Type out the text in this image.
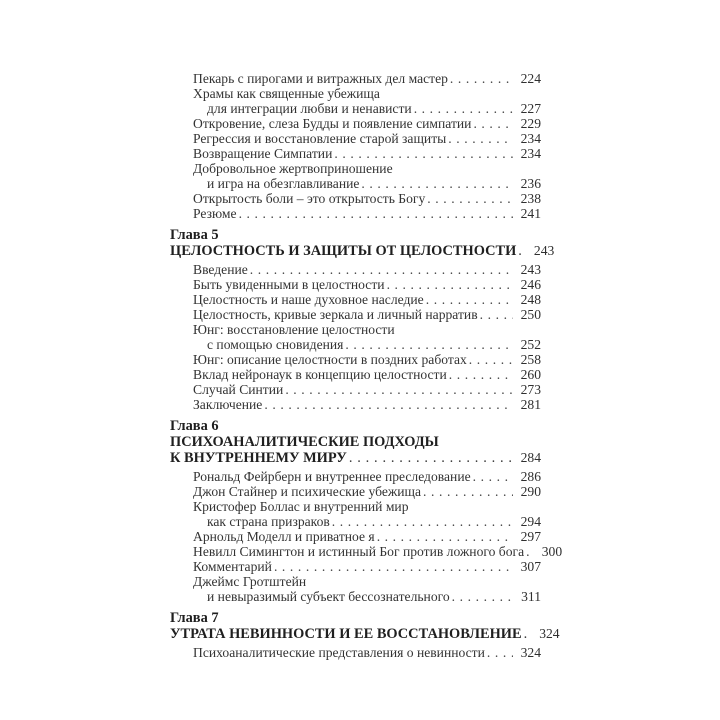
Пекарь с пирогами и витражных дел мастер . . .	224
Храмы как священные убежища
для интеграции любви и ненависти . . .	227
Откровение, слеза Будды и появление симпатии . . .	229
Регрессия и восстановление старой защиты . . .	234
Возвращение Симпатии . . .	234
Добровольное жертвоприношение
и игра на обезглавливание . . .	236
Открытость боли – это открытость Богу . . .	238
Резюме . . .	241
Глава 5
ЦЕЛОСТНОСТЬ И ЗАЩИТЫ ОТ ЦЕЛОСТНОСТИ . . .	243
Введение . . .	243
Быть увиденными в целостности . . .	246
Целостность и наше духовное наследие . . .	248
Целостность, кривые зеркала и личный нарратив . . .	250
Юнг: восстановление целостности
с помощью сновидения . . .	252
Юнг: описание целостности в поздних работах . . .	258
Вклад нейронаук в концепцию целостности . . .	260
Случай Синтии . . .	273
Заключение . . .	281
Глава 6
ПСИХОАНАЛИТИЧЕСКИЕ ПОДХОДЫ
К ВНУТРЕННЕМУ МИРУ . . .	284
Рональд Фейрберн и внутреннее преследование . . .	286
Джон Стайнер и психические убежища . . .	290
Кристофер Боллас и внутренний мир
как страна призраков . . .	294
Арнольд Моделл и приватное я . . .	297
Невилл Симингтон и истинный Бог против ложного бога . . .	300
Комментарий . . .	307
Джеймс Гротштейн
и невыразимый субъект бессознательного . . .	311
Глава 7
УТРАТА НЕВИННОСТИ И ЕЕ ВОССТАНОВЛЕНИЕ . . .	324
Психоаналитические представления о невинности . . .	324
